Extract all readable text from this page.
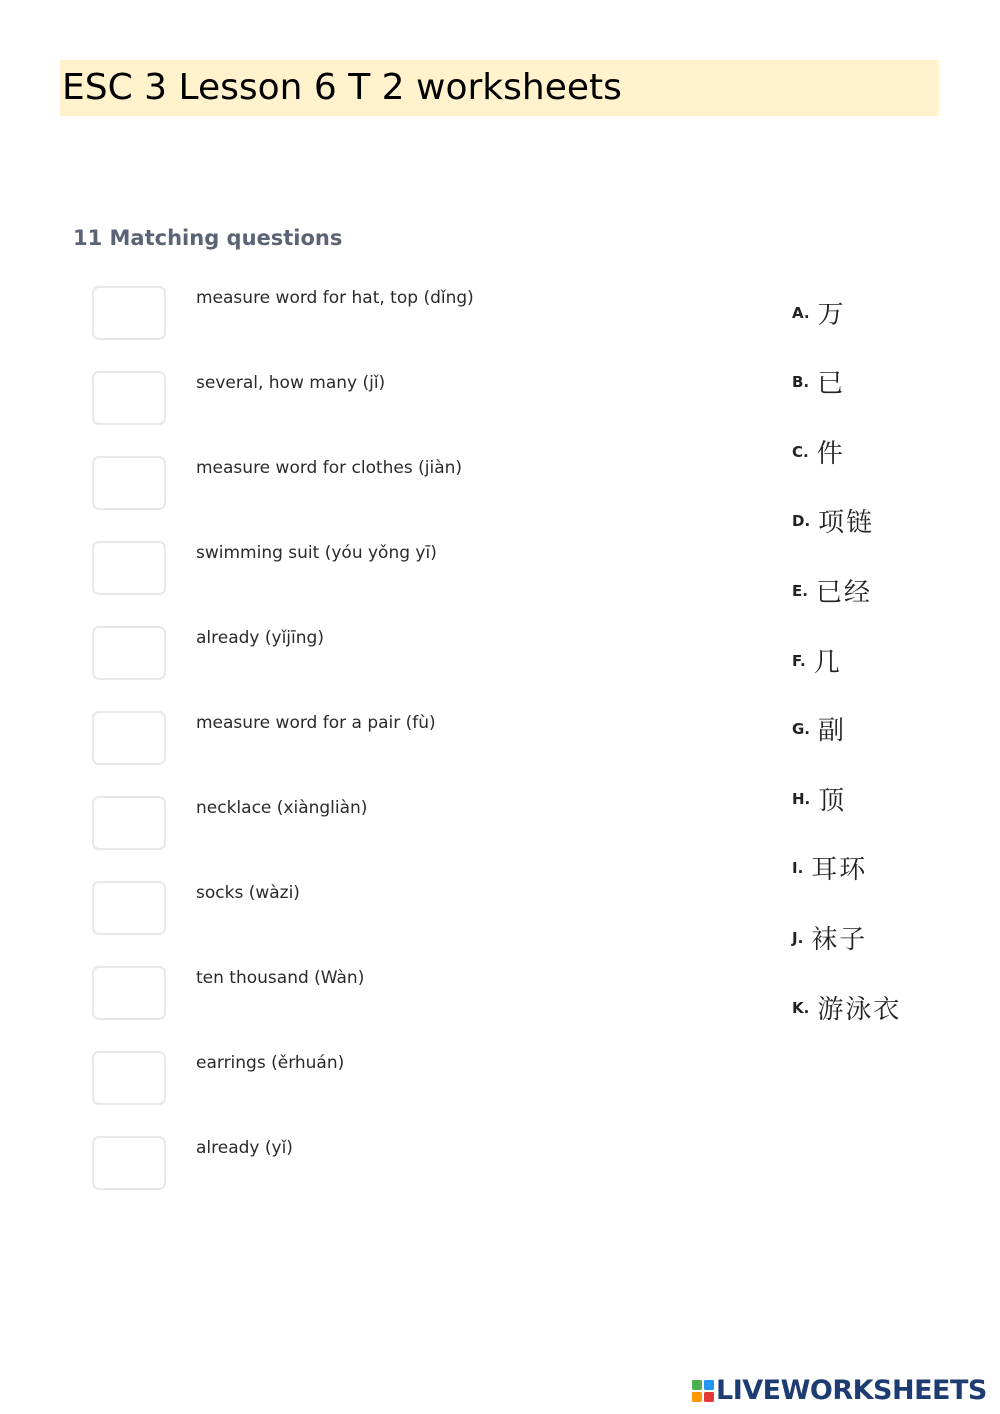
ESC 3 Lesson 6 T 2 worksheets
11 Matching questions
measure word for hat, top (dǐng)
several, how many (jǐ)
measure word for clothes (jiàn)
swimming suit (yóu yǒng yī)
already (yǐjīng)
measure word for a pair (fù)
necklace (xiàngliàn)
socks (wàzi)
ten thousand (Wàn)
earrings (ěrhuán)
already (yǐ)
A. 万
B. 已
C. 件
D. 项链
E. 已经
F. 几
G. 副
H. 顶
I. 耳环
J. 袜子
K. 游泳衣
LIVEWORKSHEETS
